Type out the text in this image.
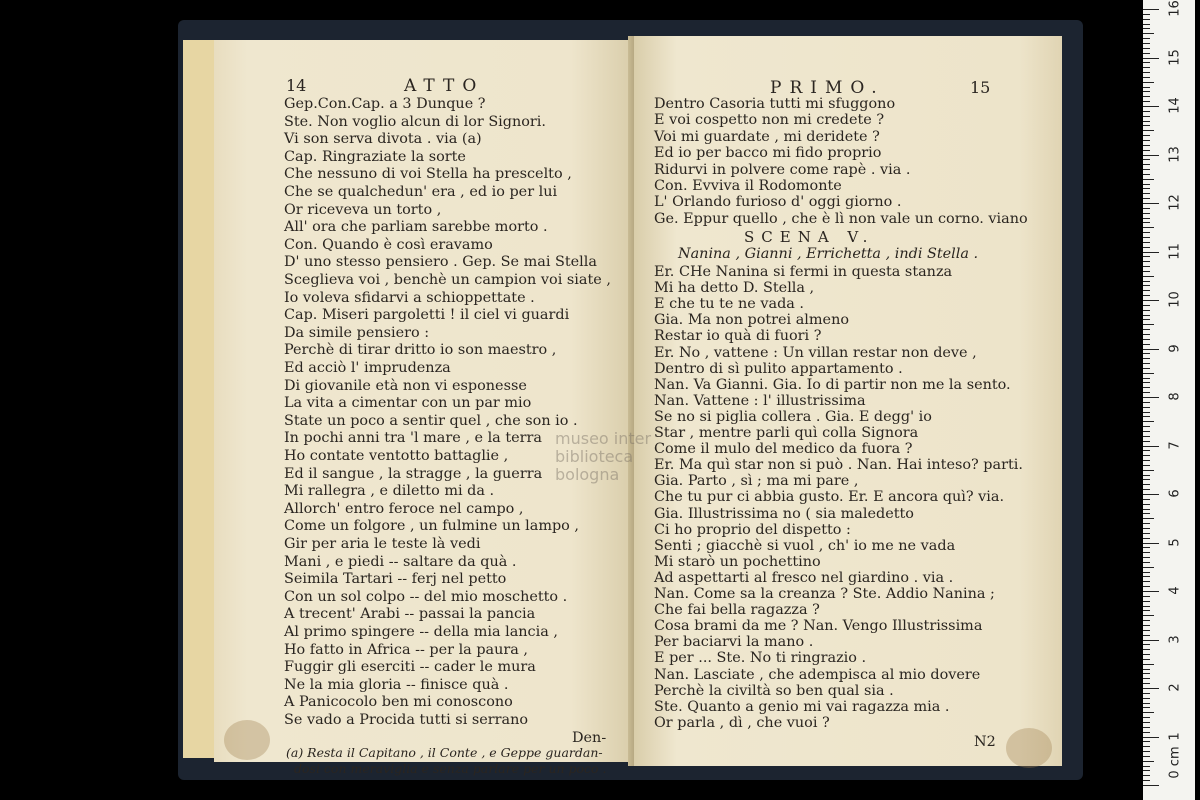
14	ATTO
Gep.Con.Cap. a 3 Dunque ?
Ste. Non voglio alcun di lor Signori.
Vi son serva divota . via (a)
Cap. Ringraziate la sorte
Che nessuno di voi Stella ha prescelto ,
Che se qualchedun' era , ed io per lui
Or riceveva un torto ,
All' ora che parliam sarebbe morto .
Con. Quando è così eravamo
D' uno stesso pensiero . Gep. Se mai Stella
Sceglieva voi , benchè un campion voi siate ,
Io voleva sfidarvi a schioppettate .
Cap. Miseri pargoletti ! il ciel vi guardi
Da simile pensiero :
Perchè di tirar dritto io son maestro ,
Ed acciò l' imprudenza
Di giovanile età non vi esponesse
La vita a cimentar con un par mio
State un poco a sentir quel , che son io .
In pochi anni tra 'l mare , e la terra
Ho contate ventotto battaglie ,
Ed il sangue , la stragge , la guerra
Mi rallegra , e diletto mi da .
Allorch' entro feroce nel campo ,
Come un folgore , un fulmine un lampo ,
Gir per aria le teste là vedi
Mani , e piedi -- saltare da quà .
Seimila Tartari -- ferj nel petto
Con un sol colpo -- del mio moschetto .
A trecent' Arabi -- passai la pancia
Al primo spingere -- della mia lancia ,
Ho fatto in Africa -- per la paura ,
Fuggir gli eserciti -- cader le mura
Ne la mia gloria -- finisce quà .
A Panicocolo ben mi conoscono
Se vado a Procida tutti si serrano
Den-
(a) Resta il Capitano , il Conte , e Geppe guardan-
dosi con meraviglia e senza parlare per un poco .
PRIMO.	15
Dentro Casoria tutti mi sfuggono
E voi cospetto non mi credete ?
Voi mi guardate , mi deridete ?
Ed io per bacco mi fido proprio
Ridurvi in polvere come rapè . via .
Con. Evviva il Rodomonte
L' Orlando furioso d' oggi giorno .
Ge. Eppur quello , che è lì non vale un corno. viano
SCENA V.
Nanina , Gianni , Errichetta , indi Stella .
Er. CHe Nanina si fermi in questa stanza
Mi ha detto D. Stella ,
E che tu te ne vada .
Gia. Ma non potrei almeno
Restar io quà di fuori ?
Er. No , vattene : Un villan restar non deve ,
Dentro di sì pulito appartamento .
Nan. Va Gianni. Gia. Io di partir non me la sento.
Nan. Vattene : l' illustrissima
Se no si piglia collera . Gia. E degg' io
Star , mentre parli quì colla Signora
Come il mulo del medico da fuora ?
Er. Ma quì star non si può . Nan. Hai inteso? parti.
Gia. Parto , sì ; ma mi pare ,
Che tu pur ci abbia gusto. Er. E ancora quì? via.
Gia. Illustrissima no ( sia maledetto
Ci ho proprio del dispetto :
Senti ; giacchè si vuol , ch' io me ne vada
Mi starò un pochettino
Ad aspettarti al fresco nel giardino . via .
Nan. Come sa la creanza ? Ste. Addio Nanina ;
Che fai bella ragazza ?
Cosa brami da me ? Nan. Vengo Illustrissima
Per baciarvi la mano .
E per ... Ste. No ti ringrazio .
Nan. Lasciate , che adempisca al mio dovere
Perchè la civiltà so ben qual sia .
Ste. Quanto a genio mi vai ragazza mia .
Or parla , dì , che vuoi ?
N2
museo inter
biblioteca
bologna
0 cm
1
2
3
4
5
6
7
8
9
10
11
12
13
14
15
16
